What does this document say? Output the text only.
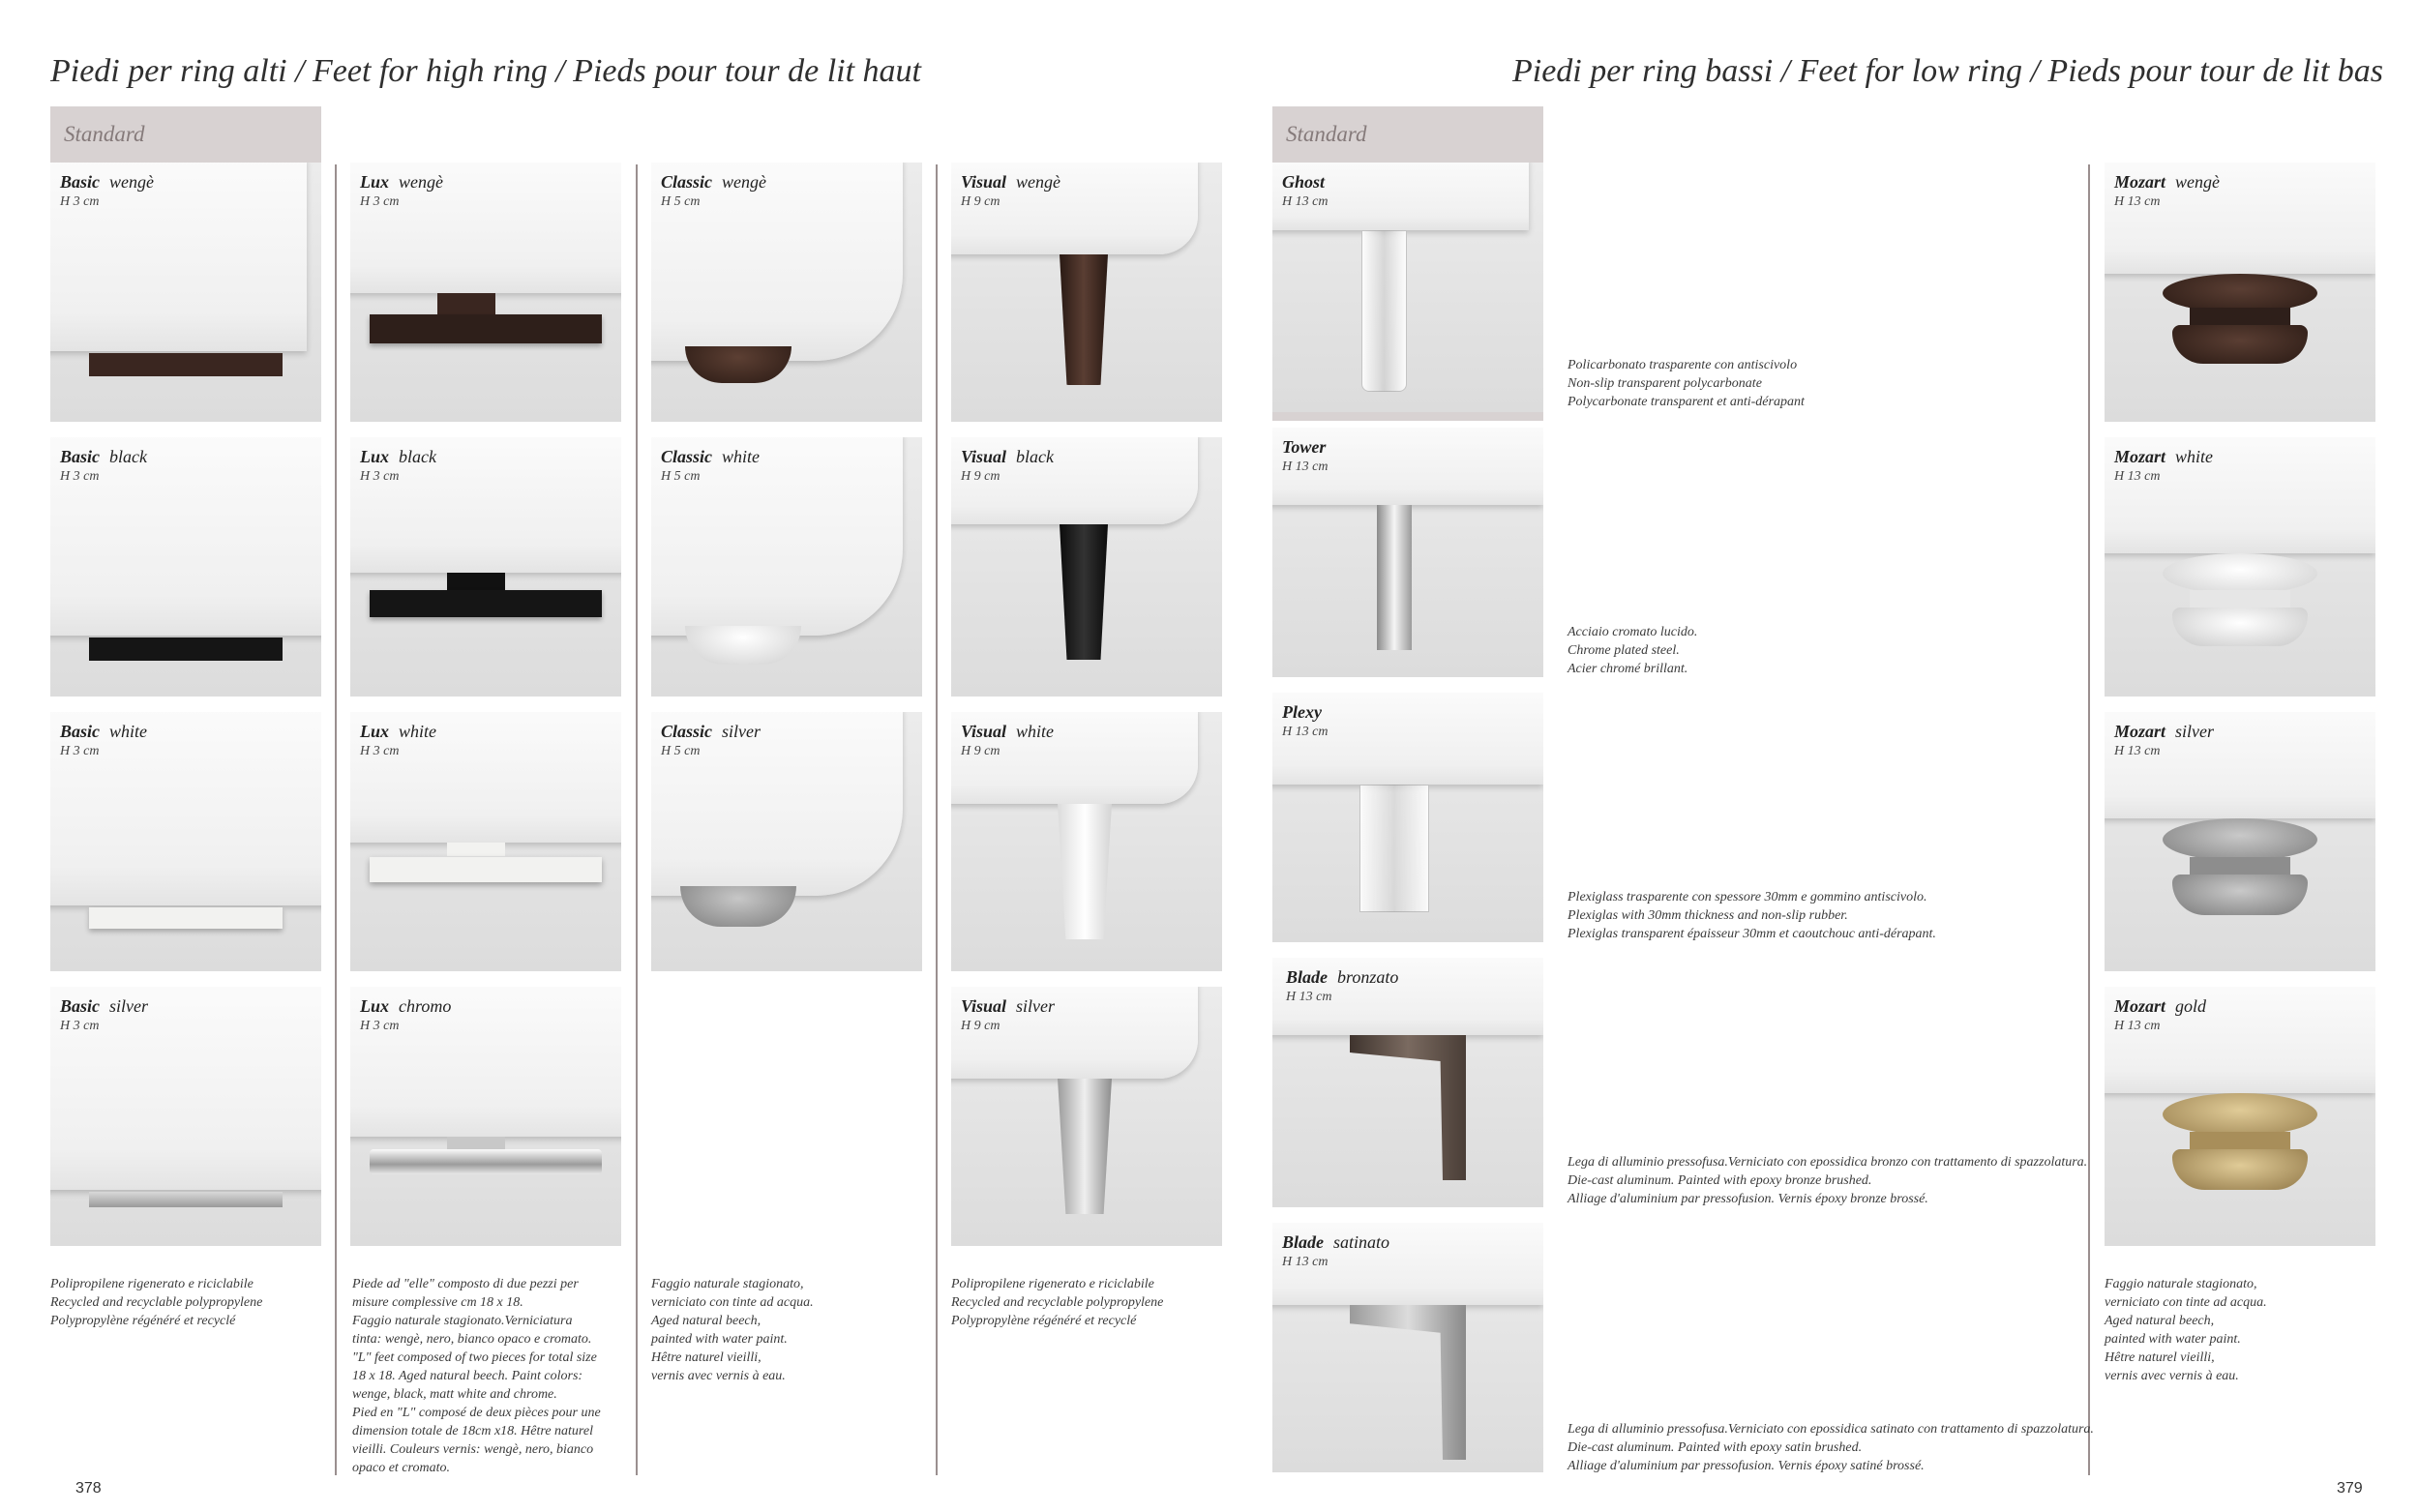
Piedi per ring alti / Feet for high ring / Pieds pour tour de lit haut	Piedi per ring bassi / Feet for low ring / Pieds pour tour de lit bas
Standard	Standard
Basic wengè
H 3 cm
Basic black
H 3 cm
Basic white
H 3 cm
Basic silver
H 3 cm
Lux wengè
H 3 cm
Lux black
H 3 cm
Lux white
H 3 cm
Lux chromo
H 3 cm
Classic wengè
H 5 cm
Classic white
H 5 cm
Classic silver
H 5 cm
Visual wengè
H 9 cm
Visual black
H 9 cm
Visual white
H 9 cm
Visual silver
H 9 cm
Polipropilene rigenerato e riciclabile
Recycled and recyclable polypropylene
Polypropylène régénéré et recyclé
Piede ad "elle" composto di due pezzi per
misure complessive cm 18 x 18.
Faggio naturale stagionato.Verniciatura
tinta: wengè, nero, bianco opaco e cromato.
"L" feet composed of two pieces for total size
18 x 18. Aged natural beech. Paint colors:
wenge, black, matt white and chrome.
Pied en "L" composé de deux pièces pour une
dimension totale de 18cm x18. Hêtre naturel
vieilli. Couleurs vernis: wengè, nero, bianco
opaco et cromato.
Faggio naturale stagionato,
verniciato con tinte ad acqua.
Aged natural beech,
painted with water paint.
Hêtre naturel vieilli,
vernis avec vernis à eau.
Polipropilene rigenerato e riciclabile
Recycled and recyclable polypropylene
Polypropylène régénéré et recyclé
378
Ghost
H 13 cm
Tower
H 13 cm
Plexy
H 13 cm
Blade bronzato
H 13 cm
Blade satinato
H 13 cm
Policarbonato trasparente con antiscivolo
Non-slip transparent polycarbonate
Polycarbonate transparent et anti-dérapant
Acciaio cromato lucido.
Chrome plated steel.
Acier chromé brillant.
Plexiglass trasparente con spessore 30mm e gommino antiscivolo.
Plexiglas with 30mm thickness and non-slip rubber.
Plexiglas transparent épaisseur 30mm et caoutchouc anti-dérapant.
Lega di alluminio pressofusa.Verniciato con epossidica bronzo con trattamento di spazzolatura.
Die-cast aluminum. Painted with epoxy bronze brushed.
Alliage d'aluminium par pressofusion. Vernis époxy bronze brossé.
Lega di alluminio pressofusa.Verniciato con epossidica satinato con trattamento di spazzolatura.
Die-cast aluminum. Painted with epoxy satin brushed.
Alliage d'aluminium par pressofusion. Vernis époxy satiné brossé.
Mozart wengè
H 13 cm
Mozart white
H 13 cm
Mozart silver
H 13 cm
Mozart gold
H 13 cm
Faggio naturale stagionato,
verniciato con tinte ad acqua.
Aged natural beech,
painted with water paint.
Hêtre naturel vieilli,
vernis avec vernis à eau.
379
